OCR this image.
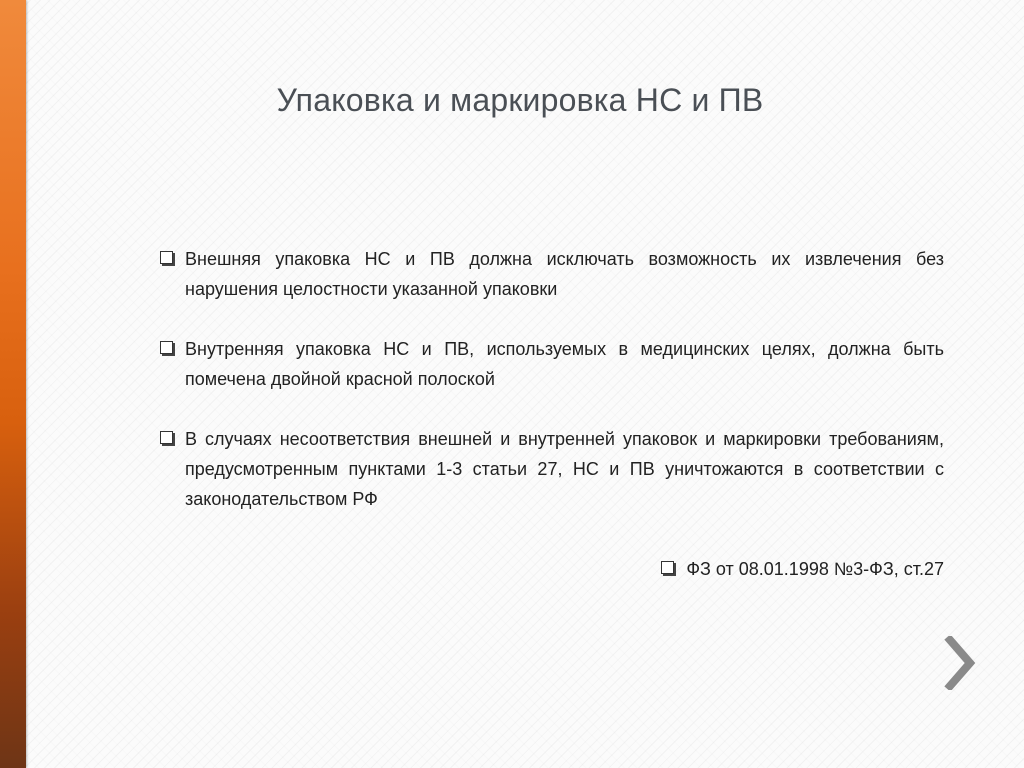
Упаковка и маркировка НС и ПВ
Внешняя упаковка НС и ПВ должна исключать возможность их извлечения без нарушения целостности указанной упаковки
Внутренняя упаковка НС и ПВ, используемых в медицинских целях, должна быть помечена двойной красной полоской
В случаях несоответствия внешней и внутренней упаковок и маркировки требованиям, предусмотренным пунктами 1-3 статьи 27, НС и ПВ уничтожаются в соответствии с законодательством РФ
ФЗ от 08.01.1998 №3-ФЗ, ст.27
